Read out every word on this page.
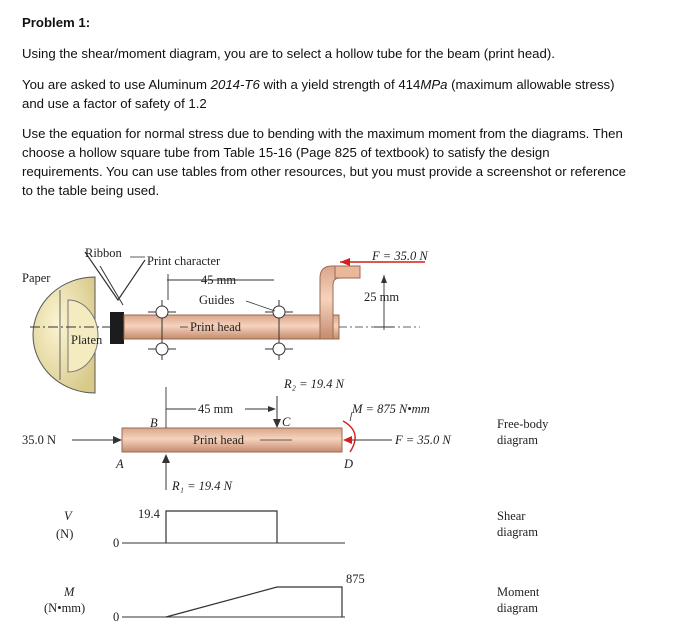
Problem 1:
Using the shear/moment diagram, you are to select a hollow tube for the beam (print head).
You are asked to use Aluminum 2014-T6 with a yield strength of 414MPa (maximum allowable stress)
and use a factor of safety of 1.2
Use the equation for normal stress due to bending with the maximum moment from the diagrams. Then
choose a hollow square tube from Table 15-16 (Page 825 of textbook) to satisfy the design
requirements. You can use tables from other resources, but you must provide a screenshot or reference
to the table being used.
Ribbon
Paper
Platen
Print character
45 mm
Guides
Print head
F = 35.0 N
25 mm
R₂ = 19.4 N
M = 875 N•mm
45 mm
B	C
A	D
Print head
35.0 N	F = 35.0 N
R₁ = 19.4 N
Free-body
diagram
V
(N)
0
19.4	Shear
diagram
M
(N•mm)
0
875
Moment
diagram
